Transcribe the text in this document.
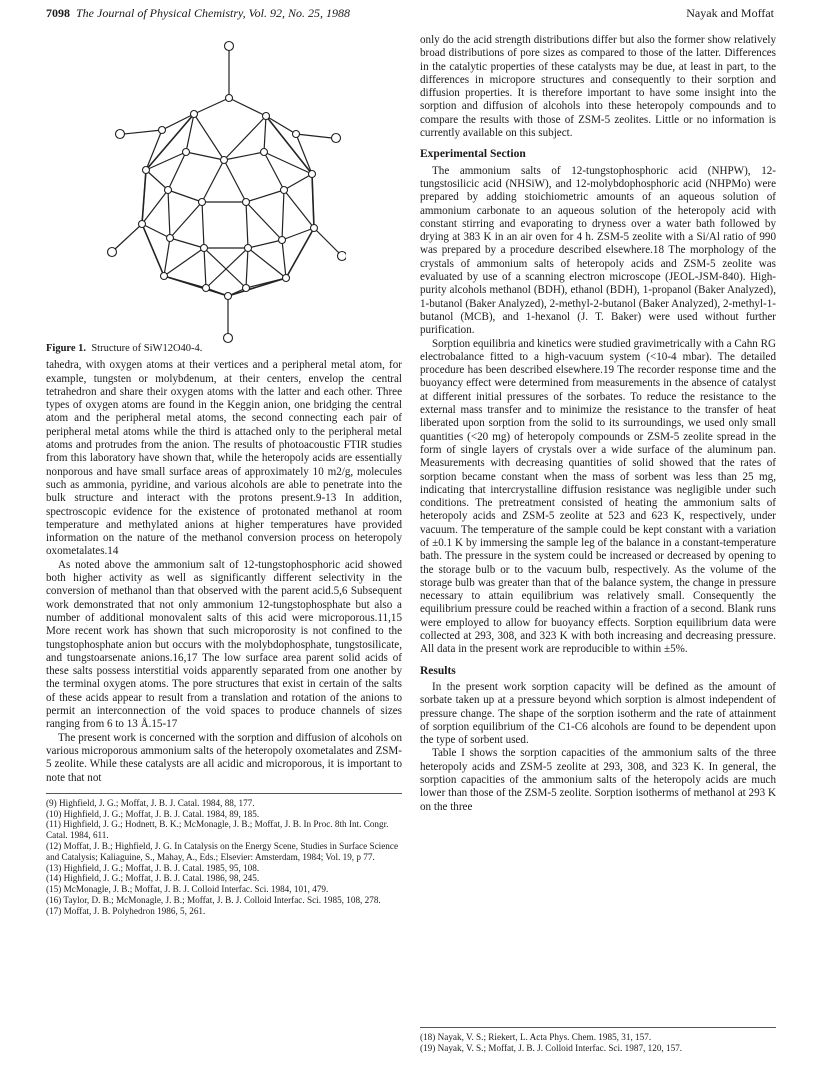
7098 The Journal of Physical Chemistry, Vol. 92, No. 25, 1988	Nayak and Moffat
Figure 1. Structure of SiW12O40-4.

tahedra, with oxygen atoms at their vertices and a peripheral metal atom, for example, tungsten or molybdenum, at their centers, envelop the central tetrahedron and share their oxygen atoms with the latter and each other. Three types of oxygen atoms are found in the Keggin anion, one bridging the central atom and the peripheral metal atoms, the second connecting each pair of peripheral metal atoms while the third is attached only to the peripheral metal atoms and protrudes from the anion. The results of photoacoustic FTIR studies from this laboratory have shown that, while the heteropoly acids are essentially nonporous and have small surface areas of approximately 10 m2/g, molecules such as ammonia, pyridine, and various alcohols are able to penetrate into the bulk structure and interact with the protons present.9-13 In addition, spectroscopic evidence for the existence of protonated methanol at room temperature and methylated anions at higher temperatures have provided information on the nature of the methanol conversion process on heteropoly oxometalates.14

As noted above the ammonium salt of 12-tungstophosphoric acid showed both higher activity as well as significantly different selectivity in the conversion of methanol than that observed with the parent acid.5,6 Subsequent work demonstrated that not only ammonium 12-tungstophosphate but also a number of additional monovalent salts of this acid were microporous.11,15 More recent work has shown that such microporosity is not confined to the tungstophosphate anion but occurs with the molybdophosphate, tungstosilicate, and tungstoarsenate anions.16,17 The low surface area parent solid acids of these salts possess interstitial voids apparently separated from one another by the terminal oxygen atoms. The pore structures that exist in certain of the salts of these acids appear to result from a translation and rotation of the anions to permit an interconnection of the void spaces to produce channels of sizes ranging from 6 to 13 Å.15-17

The present work is concerned with the sorption and diffusion of alcohols on various microporous ammonium salts of the heteropoly oxometalates and ZSM-5 zeolite. While these catalysts are all acidic and microporous, it is important to note that not

(9) Highfield, J. G.; Moffat, J. B. J. Catal. 1984, 88, 177.
(10) Highfield, J. G.; Moffat, J. B. J. Catal. 1984, 89, 185.
(11) Highfield, J. G.; Hodnett, B. K.; McMonagle, J. B.; Moffat, J. B. In Proc. 8th Int. Congr. Catal. 1984, 611.
(12) Moffat, J. B.; Highfield, J. G. In Catalysis on the Energy Scene, Studies in Surface Science and Catalysis; Kaliaguine, S., Mahay, A., Eds.; Elsevier: Amsterdam, 1984; Vol. 19, p 77.
(13) Highfield, J. G.; Moffat, J. B. J. Catal. 1985, 95, 108.
(14) Highfield, J. G.; Moffat, J. B. J. Catal. 1986, 98, 245.
(15) McMonagle, J. B.; Moffat, J. B. J. Colloid Interfac. Sci. 1984, 101, 479.
(16) Taylor, D. B.; McMonagle, J. B.; Moffat, J. B. J. Colloid Interfac. Sci. 1985, 108, 278.
(17) Moffat, J. B. Polyhedron 1986, 5, 261.

only do the acid strength distributions differ but also the former show relatively broad distributions of pore sizes as compared to those of the latter. Differences in the catalytic properties of these catalysts may be due, at least in part, to the differences in micropore structures and consequently to their sorption and diffusion properties. It is therefore important to have some insight into the sorption and diffusion of alcohols into these heteropoly compounds and to compare the results with those of ZSM-5 zeolites. Little or no information is currently available on this subject.

Experimental Section

The ammonium salts of 12-tungstophosphoric acid (NHPW), 12-tungstosilicic acid (NHSiW), and 12-molybdophosphoric acid (NHPMo) were prepared by adding stoichiometric amounts of an aqueous solution of ammonium carbonate to an aqueous solution of the heteropoly acid with constant stirring and evaporating to dryness over a water bath followed by drying at 383 K in an air oven for 4 h. ZSM-5 zeolite with a Si/Al ratio of 990 was prepared by a procedure described elsewhere.18 The morphology of the crystals of ammonium salts of heteropoly acids and ZSM-5 zeolite was evaluated by use of a scanning electron microscope (JEOL-JSM-840). High-purity alcohols methanol (BDH), ethanol (BDH), 1-propanol (Baker Analyzed), 1-butanol (Baker Analyzed), 2-methyl-2-butanol (Baker Analyzed), 2-methyl-1-butanol (MCB), and 1-hexanol (J. T. Baker) were used without further purification.

Sorption equilibria and kinetics were studied gravimetrically with a Cahn RG electrobalance fitted to a high-vacuum system (<10-4 mbar). The detailed procedure has been described elsewhere.19 The recorder response time and the buoyancy effect were determined from measurements in the absence of catalyst at different initial pressures of the sorbates. To reduce the resistance to the external mass transfer and to minimize the resistance to the transfer of heat liberated upon sorption from the solid to its surroundings, we used only small quantities (<20 mg) of heteropoly compounds or ZSM-5 zeolite spread in the form of single layers of crystals over a wide surface of the aluminum pan. Measurements with decreasing quantities of solid showed that the rates of sorption became constant when the mass of sorbent was less than 25 mg, indicating that intercrystalline diffusion resistance was negligible under such conditions. The pretreatment consisted of heating the ammonium salts of heteropoly acids and ZSM-5 zeolite at 523 and 623 K, respectively, under vacuum. The temperature of the sample could be kept constant with a variation of ±0.1 K by immersing the sample leg of the balance in a constant-temperature bath. The pressure in the system could be increased or decreased by opening to the storage bulb or to the vacuum bulb, respectively. As the volume of the storage bulb was greater than that of the balance system, the change in pressure necessary to attain equilibrium was relatively small. Consequently the equilibrium pressure could be reached within a fraction of a second. Blank runs were employed to allow for buoyancy effects. Sorption equilibrium data were collected at 293, 308, and 323 K with both increasing and decreasing pressure. All data in the present work are reproducible to within ±5%.

Results

In the present work sorption capacity will be defined as the amount of sorbate taken up at a pressure beyond which sorption is almost independent of pressure change. The shape of the sorption isotherm and the rate of attainment of sorption equilibrium of the C1-C6 alcohols are found to be dependent upon the type of sorbent used.

Table I shows the sorption capacities of the ammonium salts of the three heteropoly acids and ZSM-5 zeolite at 293, 308, and 323 K. In general, the sorption capacities of the ammonium salts of the heteropoly acids are much lower than those of the ZSM-5 zeolite. Sorption isotherms of methanol at 293 K on the three

(18) Nayak, V. S.; Riekert, L. Acta Phys. Chem. 1985, 31, 157.
(19) Nayak, V. S.; Moffat, J. B. J. Colloid Interfac. Sci. 1987, 120, 157.
